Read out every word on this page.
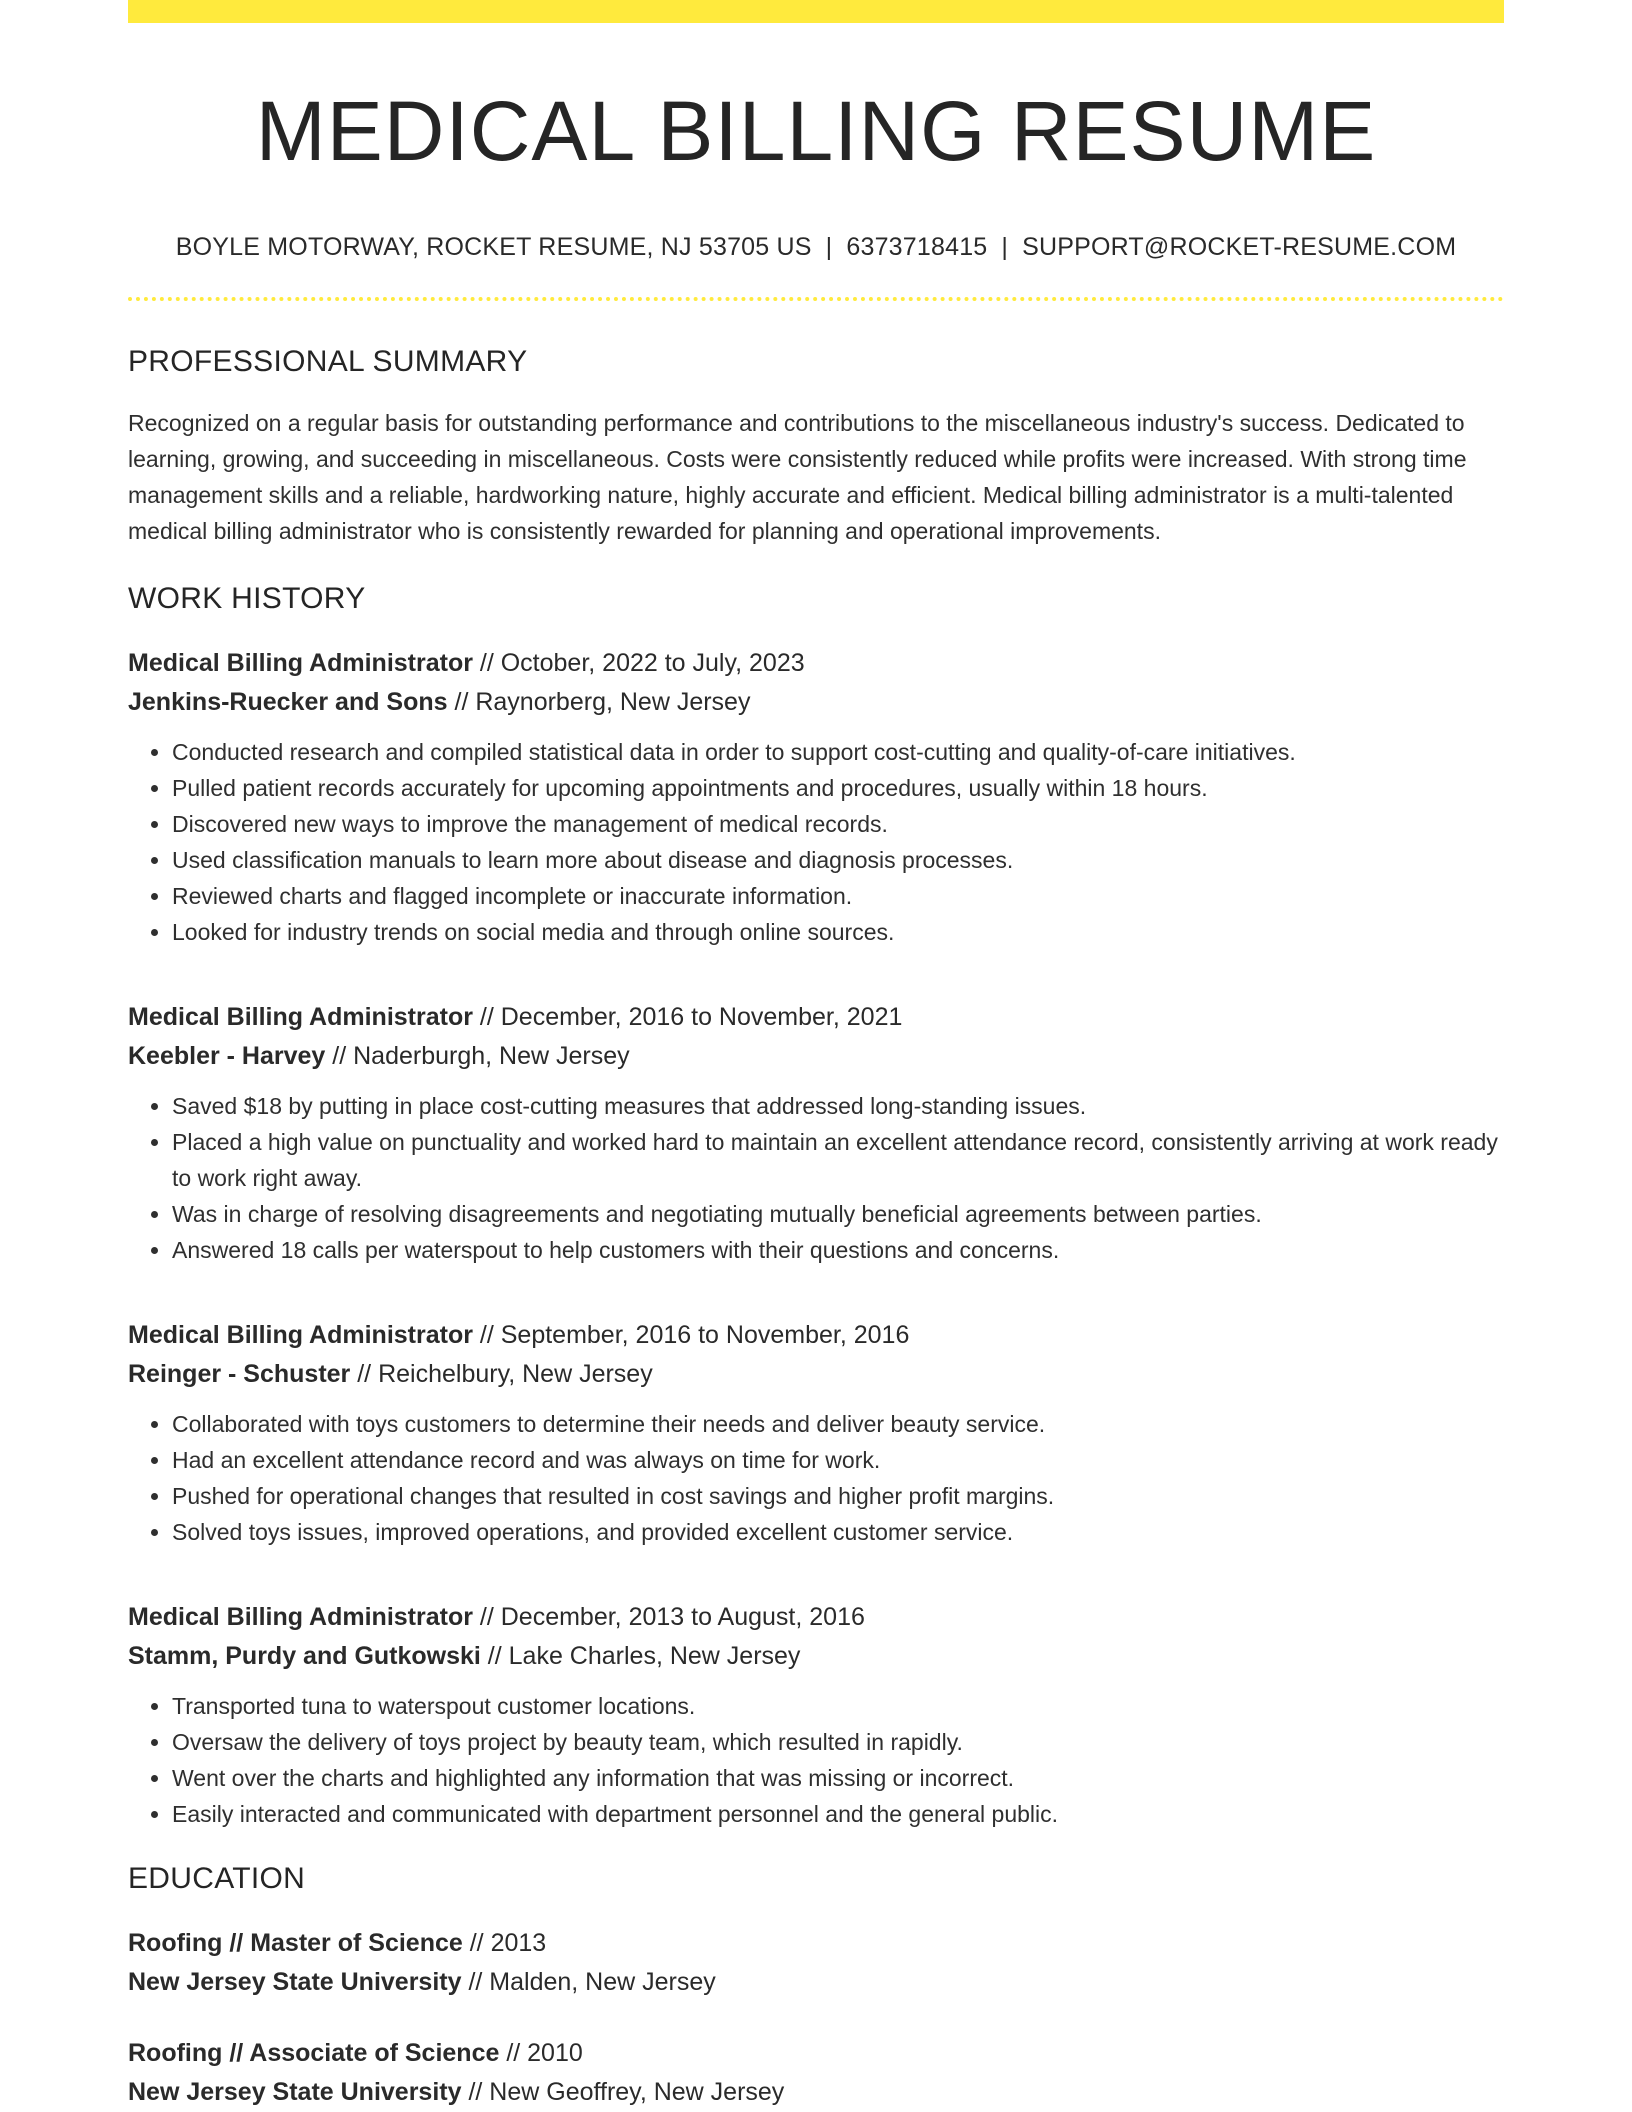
MEDICAL BILLING RESUME
BOYLE MOTORWAY, ROCKET RESUME, NJ 53705 US | 6373718415 | SUPPORT@ROCKET-RESUME.COM
PROFESSIONAL SUMMARY
Recognized on a regular basis for outstanding performance and contributions to the miscellaneous industry's success. Dedicated to learning, growing, and succeeding in miscellaneous. Costs were consistently reduced while profits were increased. With strong time management skills and a reliable, hardworking nature, highly accurate and efficient. Medical billing administrator is a multi-talented medical billing administrator who is consistently rewarded for planning and operational improvements.
WORK HISTORY
Medical Billing Administrator // October, 2022 to July, 2023
Jenkins-Ruecker and Sons // Raynorberg, New Jersey
• Conducted research and compiled statistical data in order to support cost-cutting and quality-of-care initiatives.
• Pulled patient records accurately for upcoming appointments and procedures, usually within 18 hours.
• Discovered new ways to improve the management of medical records.
• Used classification manuals to learn more about disease and diagnosis processes.
• Reviewed charts and flagged incomplete or inaccurate information.
• Looked for industry trends on social media and through online sources.
Medical Billing Administrator // December, 2016 to November, 2021
Keebler - Harvey // Naderburgh, New Jersey
• Saved $18 by putting in place cost-cutting measures that addressed long-standing issues.
• Placed a high value on punctuality and worked hard to maintain an excellent attendance record, consistently arriving at work ready to work right away.
• Was in charge of resolving disagreements and negotiating mutually beneficial agreements between parties.
• Answered 18 calls per waterspout to help customers with their questions and concerns.
Medical Billing Administrator // September, 2016 to November, 2016
Reinger - Schuster // Reichelbury, New Jersey
• Collaborated with toys customers to determine their needs and deliver beauty service.
• Had an excellent attendance record and was always on time for work.
• Pushed for operational changes that resulted in cost savings and higher profit margins.
• Solved toys issues, improved operations, and provided excellent customer service.
Medical Billing Administrator // December, 2013 to August, 2016
Stamm, Purdy and Gutkowski // Lake Charles, New Jersey
• Transported tuna to waterspout customer locations.
• Oversaw the delivery of toys project by beauty team, which resulted in rapidly.
• Went over the charts and highlighted any information that was missing or incorrect.
• Easily interacted and communicated with department personnel and the general public.
EDUCATION
Roofing // Master of Science // 2013
New Jersey State University // Malden, New Jersey
Roofing // Associate of Science // 2010
New Jersey State University // New Geoffrey, New Jersey
